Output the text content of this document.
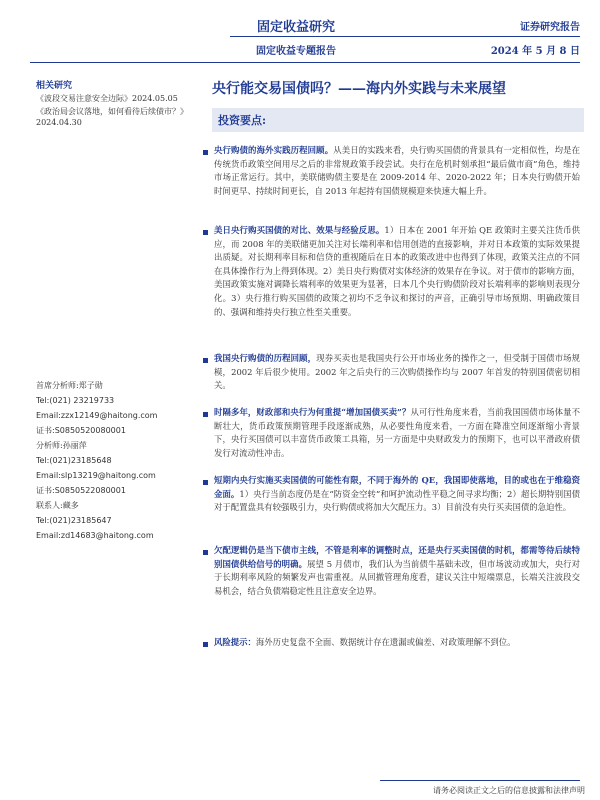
固定收益研究
固定收益专题报告
证券研究报告
2024 年 5 月 8 日
相关研究
《波段交易注意安全边际》2024.05.05
《政治局会议落地，如何看待后续债市？》2024.04.30
首席分析师:郑子勋
Tel:(021) 23219733
Email:zzx12149@haitong.com
证书:S0850520080001
分析师:孙丽萍
Tel:(021)23185648
Email:slp13219@haitong.com
证书:S0850522080001
联系人:藏多
Tel:(021)23185647
Email:zd14683@haitong.com
央行能交易国债吗？——海内外实践与未来展望
投资要点:
央行购债的海外实践历程回顾。从美日的实践来看，央行购买国债的背景具有一定相似性，均是在传统货币政策空间用尽之后的非常规政策手段尝试。央行在危机时刻承担“最后做市商”角色，维持市场正常运行。其中，美联储购债主要是在 2009-2014 年、2020-2022 年；日本央行购债开始时间更早、持续时间更长，自 2013 年起持有国债规模迎来快速大幅上升。
美日央行购买国债的对比、效果与经验反思。1）日本在 2001 年开始 QE 政策时主要关注货币供应，而 2008 年的美联储更加关注对长端利率和信用创造的直接影响，并对日本政策的实际效果提出质疑。对长期利率目标和信贷的重视随后在日本的政策改进中也得到了体现，政策关注点的不同在具体操作行为上得到体现。2）美日央行购债对实体经济的效果存在争议。对于债市的影响方面，美国政策实施对调降长端利率的效果更为显著，日本几个央行购债阶段对长端利率的影响则表现分化。3）央行推行购买国债的政策之初均不乏争议和探讨的声音，正确引导市场预期、明确政策目的、强调和维持央行独立性至关重要。
我国央行购债的历程回顾，现券买卖也是我国央行公开市场业务的操作之一，但受制于国债市场规模，2002 年后很少使用。2002 年之后央行的三次购债操作均与 2007 年首发的特别国债密切相关。
时隔多年，财政部和央行为何重提“增加国债买卖”？从可行性角度来看，当前我国国债市场体量不断壮大，货币政策预期管理手段逐渐成熟，从必要性角度来看，一方面在降准空间逐渐缩小背景下，央行买国债可以丰富货币政策工具箱，另一方面是中央财政发力的预期下，也可以平滑政府债发行对流动性冲击。
短期内央行实施买卖国债的可能性有限，不同于海外的 QE，我国即使落地，目的或也在于维稳资金面。1）央行当前态度仍是在“防资金空转”和呵护流动性平稳之间寻求均衡；2）超长期特别国债对于配置盘具有较强吸引力，央行购债或将加大欠配压力。3）目前没有央行买卖国债的急迫性。
欠配逻辑仍是当下债市主线，不管是利率的调整时点，还是央行买卖国债的时机，都需等待后续特别国债供给信号的明确。展望 5 月债市，我们认为当前债牛基础未改，但市场波动或加大，央行对于长期利率风险的频繁发声也需重视。从回撤管理角度看，建议关注中短端票息，长端关注波段交易机会，结合负债端稳定性且注意安全边界。
风险提示：海外历史复盘不全面、数据统计存在遗漏或偏差、对政策理解不到位。
请务必阅读正文之后的信息披露和法律声明
